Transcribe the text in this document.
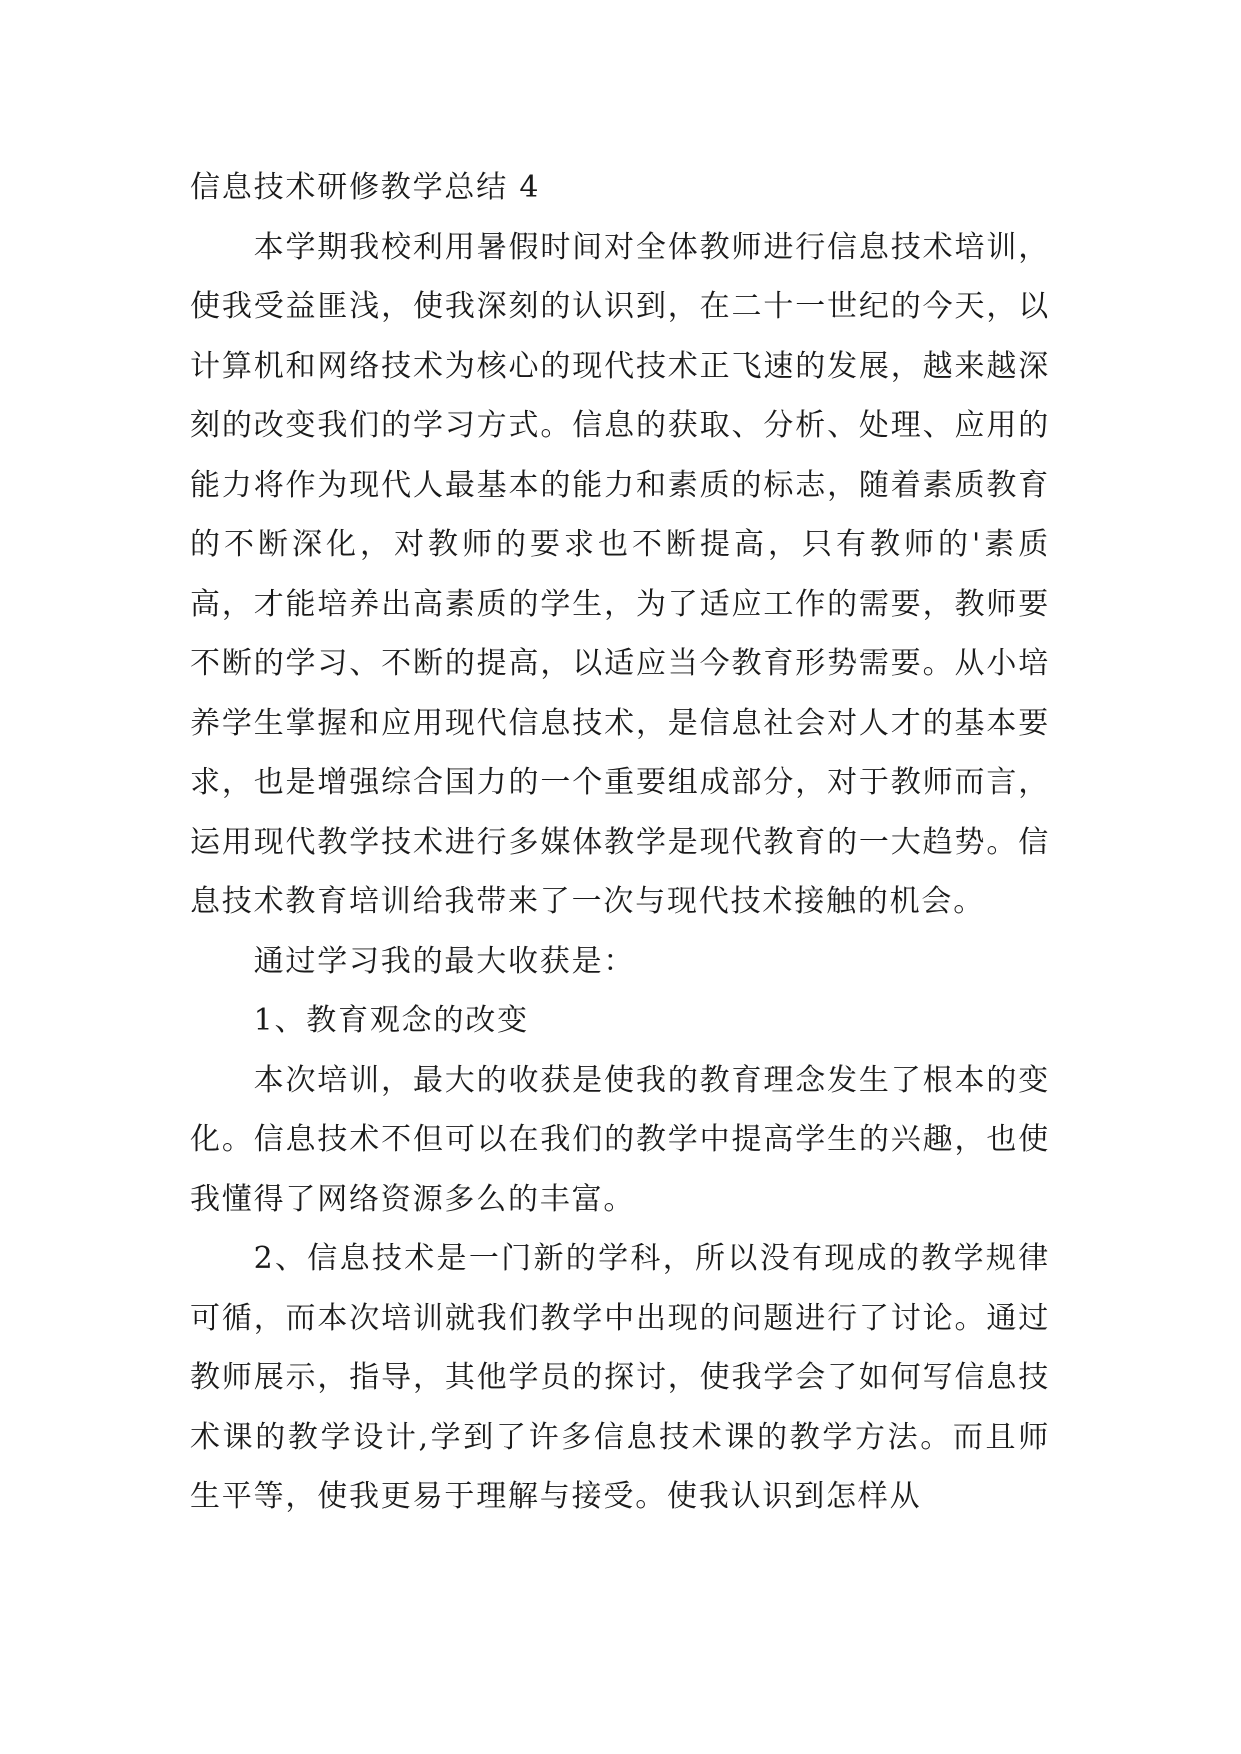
信息技术研修教学总结 4

本学期我校利用暑假时间对全体教师进行信息技术培训，使我受益匪浅，使我深刻的认识到，在二十一世纪的今天，以计算机和网络技术为核心的现代技术正飞速的发展，越来越深刻的改变我们的学习方式。信息的获取、分析、处理、应用的能力将作为现代人最基本的能力和素质的标志，随着素质教育的不断深化，对教师的要求也不断提高，只有教师的'素质高，才能培养出高素质的学生，为了适应工作的需要，教师要不断的学习、不断的提高，以适应当今教育形势需要。从小培养学生掌握和应用现代信息技术，是信息社会对人才的基本要求，也是增强综合国力的一个重要组成部分，对于教师而言，运用现代教学技术进行多媒体教学是现代教育的一大趋势。信息技术教育培训给我带来了一次与现代技术接触的机会。

通过学习我的最大收获是：

1、教育观念的改变

本次培训，最大的收获是使我的教育理念发生了根本的变化。信息技术不但可以在我们的教学中提高学生的兴趣，也使我懂得了网络资源多么的丰富。

2、信息技术是一门新的学科，所以没有现成的教学规律可循，而本次培训就我们教学中出现的问题进行了讨论。通过教师展示，指导，其他学员的探讨，使我学会了如何写信息技术课的教学设计,学到了许多信息技术课的教学方法。而且师生平等，使我更易于理解与接受。使我认识到怎样从
